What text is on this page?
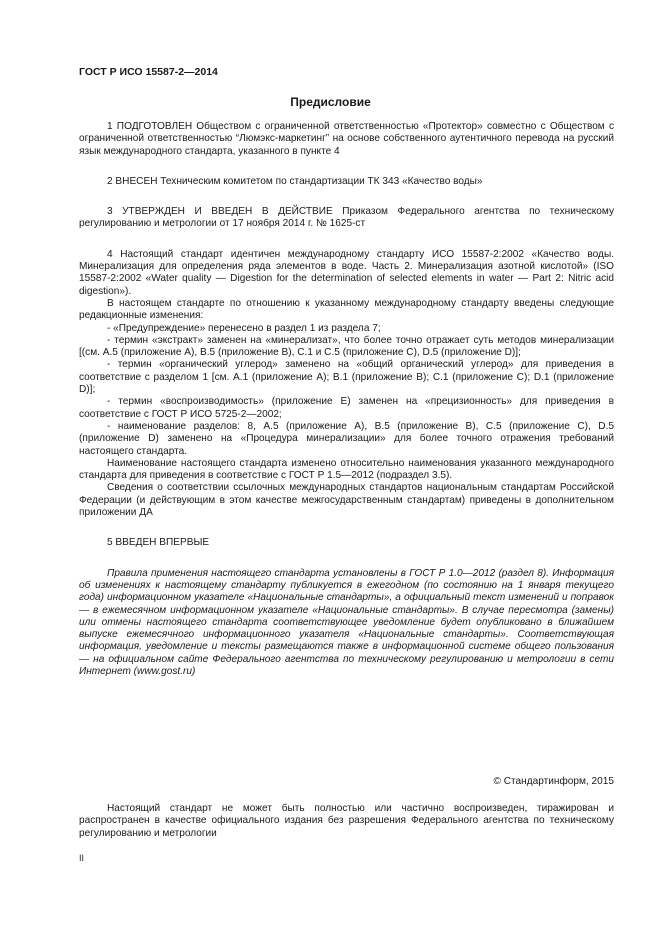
ГОСТ Р ИСО 15587-2—2014
Предисловие

1 ПОДГОТОВЛЕН Обществом с ограниченной ответственностью «Протектор» совместно с Обществом с ограниченной ответственностью “Люмэкс-маркетинг” на основе собственного аутентичного перевода на русский язык международного стандарта, указанного в пункте 4

2 ВНЕСЕН Техническим комитетом по стандартизации ТК 343 «Качество воды»

3 УТВЕРЖДЕН И ВВЕДЕН В ДЕЙСТВИЕ Приказом Федерального агентства по техническому регулированию и метрологии от 17 ноября 2014 г. № 1625-ст

4 Настоящий стандарт идентичен международному стандарту ИСО 15587-2:2002 «Качество воды. Минерализация для определения ряда элементов в воде. Часть 2. Минерализация азотной кислотой» (ISO 15587-2:2002 «Water quality — Digestion for the determination of selected elements in water — Part 2: Nitric acid digestion»).

В настоящем стандарте по отношению к указанному международному стандарту введены следующие редакционные изменения:

- «Предупреждение» перенесено в раздел 1 из раздела 7;

- термин «экстракт» заменен на «минерализат», что более точно отражает суть методов минерализации [(см. А.5 (приложение А), В.5 (приложение В), С.1 и С.5 (приложение С), D.5 (приложение D)];

- термин «органический углерод» заменено на «общий органический углерод» для приведения в соответствие с разделом 1 [см. А.1 (приложение А); В.1 (приложение В); С.1 (приложение С); D.1 (приложение D)];

- термин «воспроизводимость» (приложение Е) заменен на «прецизионность» для приведения в соответствие с ГОСТ Р ИСО 5725-2—2002;

- наименование разделов: 8, А.5 (приложение А), В.5 (приложение В), С.5 (приложение С), D.5 (приложение D) заменено на «Процедура минерализации» для более точного отражения требований настоящего стандарта.

Наименование настоящего стандарта изменено относительно наименования указанного международного стандарта для приведения в соответствие с ГОСТ Р 1.5—2012 (подраздел 3.5).

Сведения о соответствии ссылочных международных стандартов национальным стандартам Российской Федерации (и действующим в этом качестве межгосударственным стандартам) приведены в дополнительном приложении ДА

5 ВВЕДЕН ВПЕРВЫЕ

Правила применения настоящего стандарта установлены в ГОСТ Р 1.0—2012 (раздел 8). Информация об изменениях к настоящему стандарту публикуется в ежегодном (по состоянию на 1 января текущего года) информационном указателе «Национальные стандарты», а официальный текст изменений и поправок — в ежемесячном информационном указателе «Национальные стандарты». В случае пересмотра (замены) или отмены настоящего стандарта соответствующее уведомление будет опубликовано в ближайшем выпуске ежемесячного информационного указателя «Национальные стандарты». Соответствующая информация, уведомление и тексты размещаются также в информационной системе общего пользования — на официальном сайте Федерального агентства по техническому регулированию и метрологии в сети Интернет (www.gost.ru)

© Стандартинформ, 2015

Настоящий стандарт не может быть полностью или частично воспроизведен, тиражирован и распространен в качестве официального издания без разрешения Федерального агентства по техническому регулированию и метрологии

II
